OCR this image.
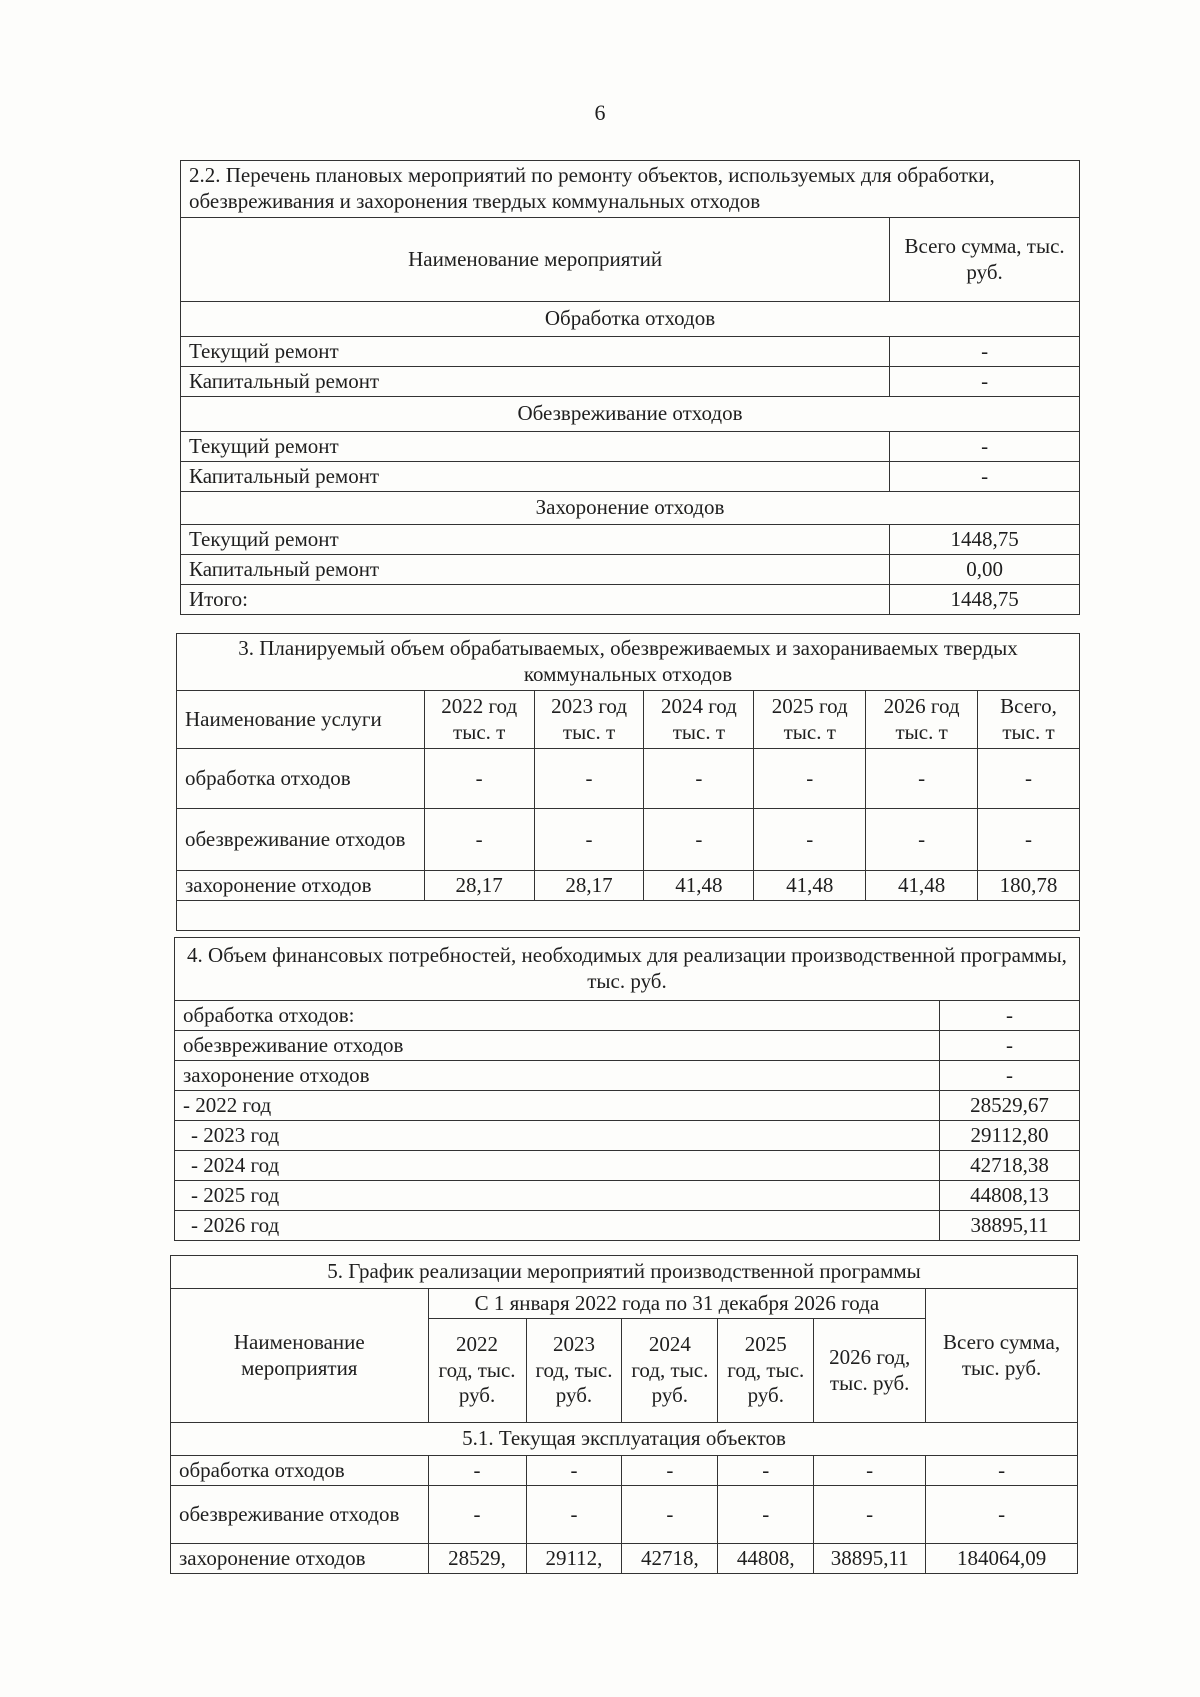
6
2.2. Перечень плановых мероприятий по ремонту объектов, используемых для обработки, обезвреживания и захоронения твердых коммунальных отходов	
Наименование мероприятий	Всего сумма, тыс. руб.
Обработка отходов	
Текущий ремонт	-
Капитальный ремонт	-
Обезвреживание отходов	
Текущий ремонт	-
Капитальный ремонт	-
Захоронение отходов	
Текущий ремонт	1448,75
Капитальный ремонт	0,00
Итого:	1448,75
3. Планируемый объем обрабатываемых, обезвреживаемых и захораниваемых твердых коммунальных отходов						
Наименование услуги	2022 год тыс. т	2023 год тыс. т	2024 год тыс. т	2025 год тыс. т	2026 год тыс. т	Всего, тыс. т
обработка отходов	-	-	-	-	-	-
обезвреживание отходов	-	-	-	-	-	-
захоронение отходов	28,17	28,17	41,48	41,48	41,48	180,78

4. Объем финансовых потребностей, необходимых для реализации производственной программы, тыс. руб.	
обработка отходов:	-
обезвреживание отходов	-
захоронение отходов	-
- 2022 год	28529,67
- 2023 год	29112,80
- 2024 год	42718,38
- 2025 год	44808,13
- 2026 год	38895,11
5. График реализации мероприятий производственной программы						
Наименование мероприятия	С 1 января 2022 года по 31 декабря 2026 года					Всего сумма, тыс. руб.
	2022 год, тыс. руб.	2023 год, тыс. руб.	2024 год, тыс. руб.	2025 год, тыс. руб.	2026 год, тыс. руб.	
5.1. Текущая эксплуатация объектов						
обработка отходов	-	-	-	-	-	-
обезвреживание отходов	-	-	-	-	-	-
захоронение отходов	28529,	29112,	42718,	44808,	38895,11	184064,09
